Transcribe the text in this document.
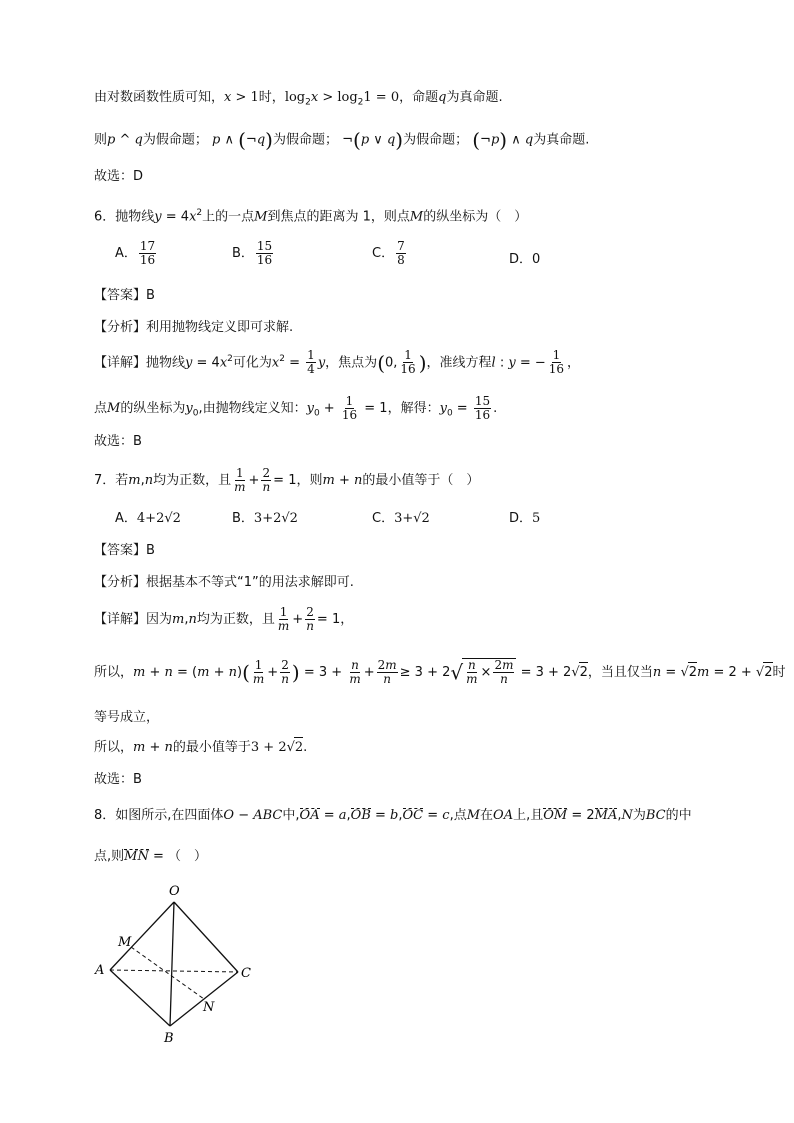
由对数函数性质可知，x > 1时，$\log_2x > \log_21 = 0$，命题q为真命题.
则p ^ q为假命题； p ∧ (¬q)为假命题； ¬(p ∨ q)为假命题； (¬p) ∧ q为真命题.
故选：D
6．抛物线$y = 4x^2$上的一点M到焦点的距离为 1，则点M的纵坐标为（　）
A． $\frac{17}{16}$	B． $\frac{15}{16}$	C． $\frac{7}{8}$	D．0
【答案】B
【分析】利用抛物线定义即可求解.
【详解】抛物线$y = 4x^2$可化为$x^2 = \frac{1}{4}$ y，焦点为(0, $\frac{1}{16}$ )，准线方程l : y = − $\frac{1}{16}$ ，
点M的纵坐标为$y_0$,由抛物线定义知：$y_0 + \frac{1}{16} = 1$，解得：$y_0 = \frac{15}{16}$ .
故选：B
7．若m,n均为正数，且 $\frac{1}{m} + \frac{2}{n} = 1$，则m + n的最小值等于（　）
A．4+2√2	B．3+2√2	C．3+√2	D．5
【答案】B
【分析】根据基本不等式“1”的用法求解即可.
【详解】因为m,n均为正数，且 $\frac{1}{m} + \frac{2}{n} = 1$，
所以，$m + n = (m + n)( \frac{1}{m} + \frac{2}{n}$ ) = $3 + \frac{n}{m} + \frac{2m}{n} \ge 3 + 2√ \frac{n}{m} \times \frac{2m}{n} = 3 + 2√2$，当且仅当n = √2m = 2 + √2时
等号成立，
所以，m + n的最小值等于3 + 2√2.
故选：B
8．如图所示,在四面体O − ABC中,OA = a,OB = b,OC = c,点M在OA上,且OM = 2MA,N为BC的中
点,则MN = （　）
O
M
A	C
N
B
